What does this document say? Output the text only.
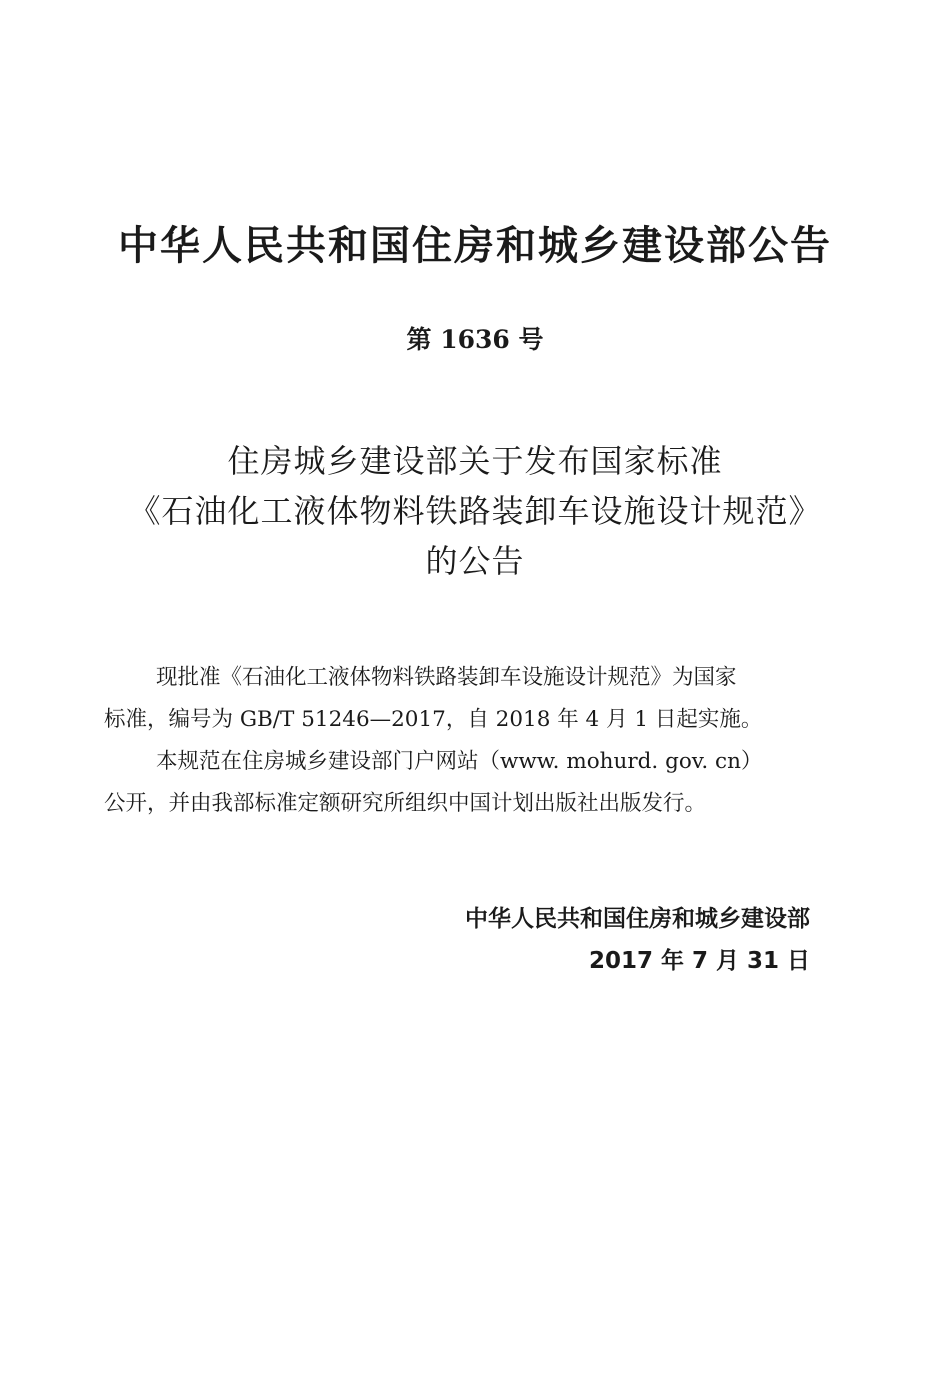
中华人民共和国住房和城乡建设部公告
第 1636 号
住房城乡建设部关于发布国家标准
《石油化工液体物料铁路装卸车设施设计规范》
的公告
现批准《石油化工液体物料铁路装卸车设施设计规范》为国家
标准，编号为 GB/T 51246—2017，自 2018 年 4 月 1 日起实施。
本规范在住房城乡建设部门户网站（www. mohurd. gov. cn）
公开，并由我部标准定额研究所组织中国计划出版社出版发行。
中华人民共和国住房和城乡建设部
2017 年 7 月 31 日
